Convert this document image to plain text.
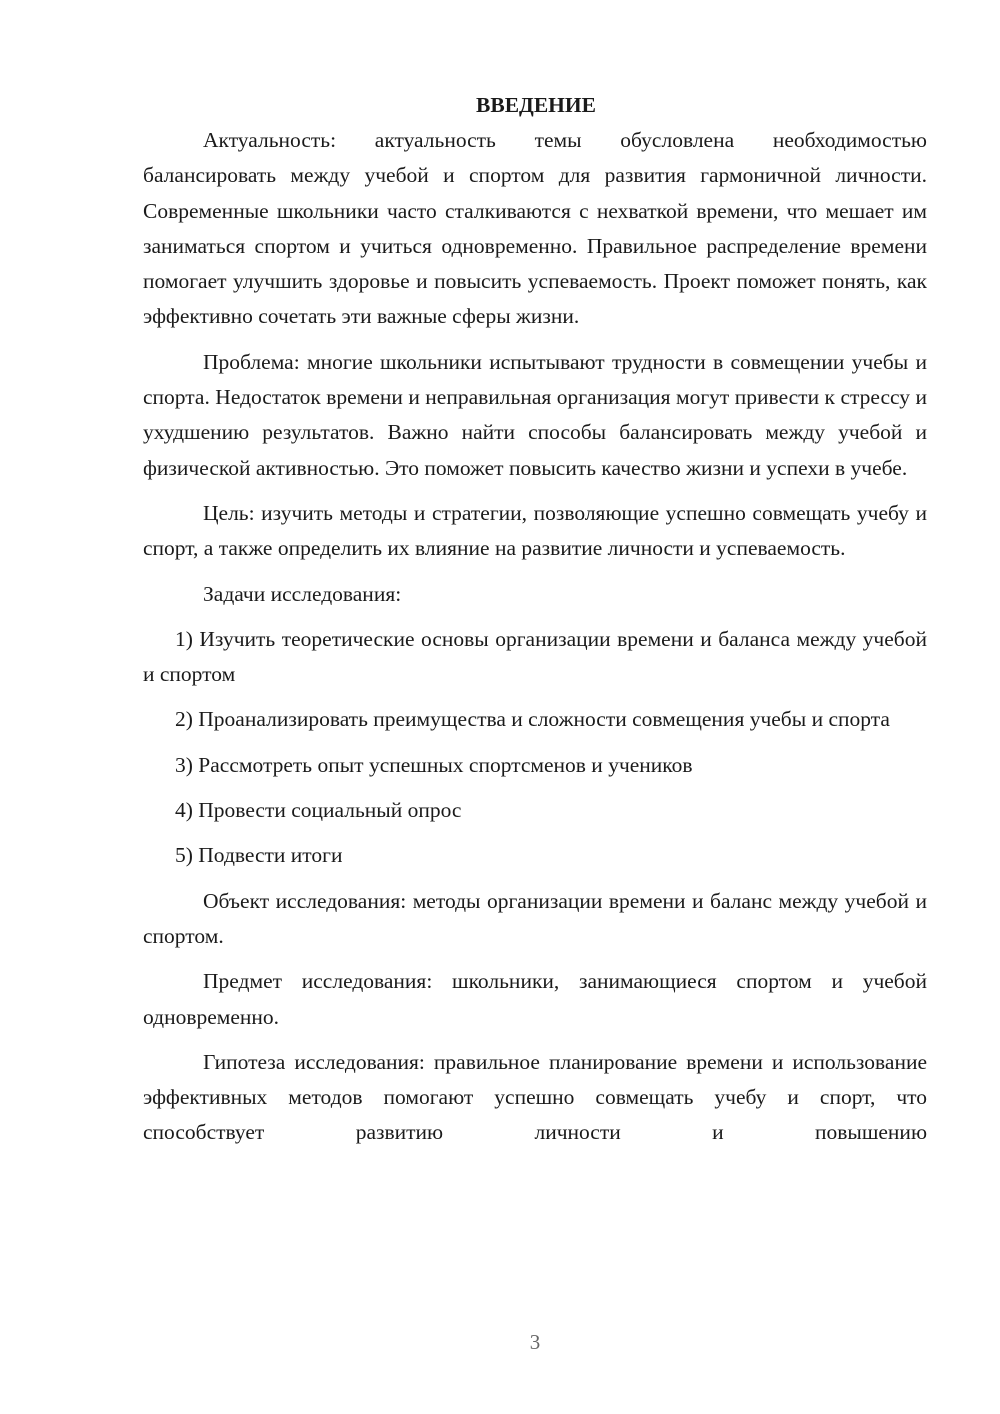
ВВЕДЕНИЕ

Актуальность: актуальность темы обусловлена необходимостью балансировать между учебой и спортом для развития гармоничной личности. Современные школьники часто сталкиваются с нехваткой времени, что мешает им заниматься спортом и учиться одновременно. Правильное распределение времени помогает улучшить здоровье и повысить успеваемость. Проект поможет понять, как эффективно сочетать эти важные сферы жизни.

Проблема: многие школьники испытывают трудности в совмещении учебы и спорта. Недостаток времени и неправильная организация могут привести к стрессу и ухудшению результатов. Важно найти способы балансировать между учебой и физической активностью. Это поможет повысить качество жизни и успехи в учебе.

Цель: изучить методы и стратегии, позволяющие успешно совмещать учебу и спорт, а также определить их влияние на развитие личности и успеваемость.

Задачи исследования:

1) Изучить теоретические основы организации времени и баланса между учебой и спортом

2) Проанализировать преимущества и сложности совмещения учебы и спорта

3) Рассмотреть опыт успешных спортсменов и учеников

4) Провести социальный опрос

5) Подвести итоги

Объект исследования: методы организации времени и баланс между учебой и спортом.

Предмет исследования: школьники, занимающиеся спортом и учебой одновременно.

Гипотеза исследования: правильное планирование времени и использование эффективных методов помогают успешно совмещать учебу и спорт, что способствует развитию личности и повышению

3
